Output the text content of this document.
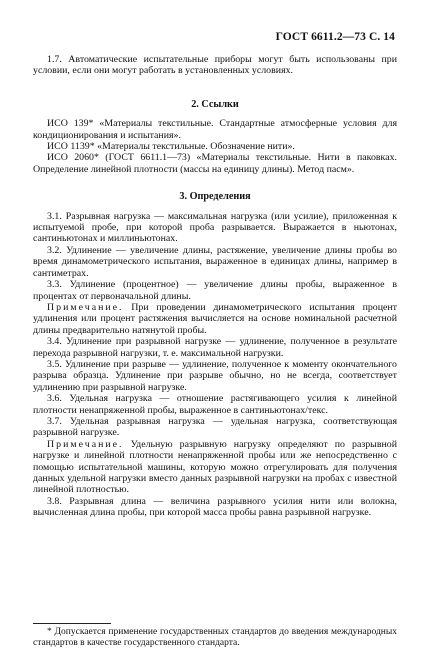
ГОСТ 6611.2—73 С. 14

1.7. Автоматические испытательные приборы могут быть использованы при условии, если они могут работать в установленных условиях.

2. Ссылки

ИСО 139* «Материалы текстильные. Стандартные атмосферные условия для кондиционирования и испытания».

ИСО 1139* «Материалы текстильные. Обозначение нити».

ИСО 2060* (ГОСТ 6611.1—73) «Материалы текстильные. Нити в паковках. Определение линейной плотности (массы на единицу длины). Метод пасм».

3. Определения

3.1. Разрывная нагрузка — максимальная нагрузка (или усилие), приложенная к испытуемой пробе, при которой проба разрывается. Выражается в ньютонах, сантиньютонах и миллиньютонах.

3.2. Удлинение — увеличение длины, растяжение, увеличение длины пробы во время динамометрического испытания, выраженное в единицах длины, например в сантиметрах.

3.3. Удлинение (процентное) — увеличение длины пробы, выраженное в процентах от первоначальной длины.

Примечание. При проведении динамометрического испытания процент удлинения или процент растяжения вычисляется на основе номинальной расчетной длины предварительно натянутой пробы.

3.4. Удлинение при разрывной нагрузке — удлинение, полученное в результате перехода разрывной нагрузки, т. е. максимальной нагрузки.

3.5. Удлинение при разрыве — удлинение, полученное к моменту окончательного разрыва образца. Удлинение при разрыве обычно, но не всегда, соответствует удлинению при разрывной нагрузке.

3.6. Удельная нагрузка — отношение растягивающего усилия к линейной плотности ненапряженной пробы, выраженное в сантиньютонах/текс.

3.7. Удельная разрывная нагрузка — удельная нагрузка, соответствующая разрывной нагрузке.

Примечание. Удельную разрывную нагрузку определяют по разрывной нагрузке и линейной плотности ненапряженной пробы или же непосредственно с помощью испытательной машины, которую можно отрегулировать для получения данных удельной нагрузки вместо данных разрывной нагрузки на пробах с известной линейной плотностью.

3.8. Разрывная длина — величина разрывного усилия нити или волокна, вычисленная длина пробы, при которой масса пробы равна разрывной нагрузке.

* Допускается применение государственных стандартов до введения международных стандартов в качестве государственного стандарта.
